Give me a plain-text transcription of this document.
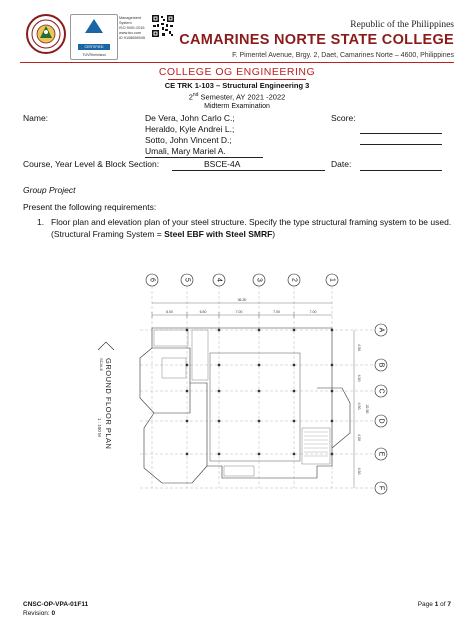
CERTIFIED
TÜVRheinland
Management
System
ISO 9001:2015
www.tuv.com
ID 9108658945
Republic of the Philippines
CAMARINES NORTE STATE COLLEGE
F. Pimentel Avenue, Brgy. 2, Daet, Camarines Norte – 4600, Philippines
COLLEGE OG ENGINEERING
CE TRK 1-103 – Structural Engineering 3
2nd Semester, AY 2021 -2022
Midterm Examination
Name:	De Vera, John Carlo C.;
Heraldo, Kyle Andrei L.;
Sotto, John Vincent D.;
Umali, Mary Mariel A.
Score:
Course, Year Level & Block Section:	BSCE-4A	Date:
Group Project
Present the following requirements:
1. Floor plan and elevation plan of your steel structure. Specify the type structural framing system to be used. (Structural Framing System = Steel EBF with Steel SMRF)
6	5	4	3	2	1
A
B
C
D
E
F
36.30
6.00	6.50	7.00	7.00	7.00
4.50
4.50
4.50
4.50
4.50
22.50
GROUND FLOOR PLAN
SCALE
1 : 100 M
CNSC-OP-VPA-01F11
Revision: 0
Page 1 of 7
